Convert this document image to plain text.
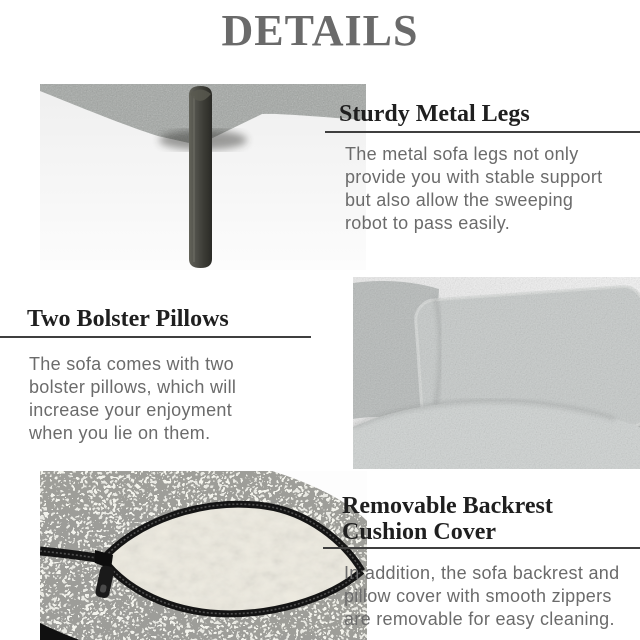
DETAILS
Sturdy Metal Legs

The metal sofa legs not only provide you with stable support but also allow the sweeping robot to pass easily.

Two Bolster Pillows

The sofa comes with two bolster pillows, which will increase your enjoyment when you lie on them.

Removable Backrest Cushion Cover

In addition, the sofa backrest and pillow cover with smooth zippers are removable for easy cleaning.
